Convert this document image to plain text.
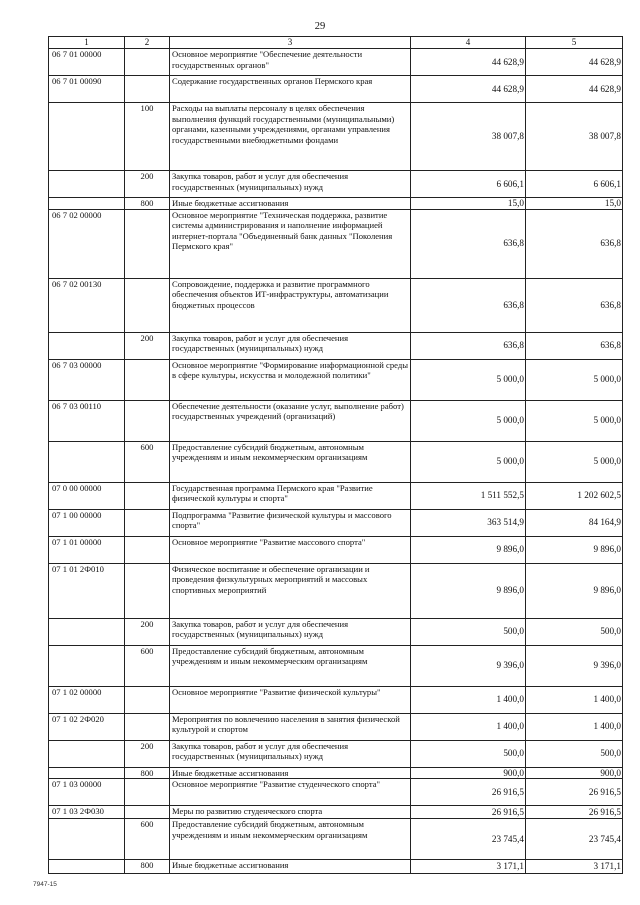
29
1	2	3	4	5
06 7 01 00000		Основное мероприятие "Обеспечение деятельности государственных органов"	44 628,9	44 628,9
06 7 01 00090		Содержание государственных органов Пермского края	44 628,9	44 628,9
	100	Расходы на выплаты персоналу в целях обеспечения выполнения функций государственными (муниципальными) органами, казенными учреждениями, органами управления государственными внебюджетными фондами	38 007,8	38 007,8
	200	Закупка товаров, работ и услуг для обеспечения государственных (муниципальных) нужд	6 606,1	6 606,1
	800	Иные бюджетные ассигнования	15,0	15,0
06 7 02 00000		Основное мероприятие "Техническая поддержка, развитие системы администрирования и наполнение информацией интернет-портала "Объединенный банк данных "Поколения Пермского края"	636,8	636,8
06 7 02 00130		Сопровождение, поддержка и развитие программного обеспечения объектов ИТ-инфраструктуры, автоматизации бюджетных процессов	636,8	636,8
	200	Закупка товаров, работ и услуг для обеспечения государственных (муниципальных) нужд	636,8	636,8
06 7 03 00000		Основное мероприятие "Формирование информационной среды в сфере культуры, искусства и молодежной политики"	5 000,0	5 000,0
06 7 03 00110		Обеспечение деятельности (оказание услуг, выполнение работ) государственных учреждений (организаций)	5 000,0	5 000,0
	600	Предоставление субсидий бюджетным, автономным учреждениям и иным некоммерческим организациям	5 000,0	5 000,0
07 0 00 00000		Государственная программа Пермского края "Развитие физической культуры и спорта"	1 511 552,5	1 202 602,5
07 1 00 00000		Подпрограмма "Развитие физической культуры и массового спорта"	363 514,9	84 164,9
07 1 01 00000		Основное мероприятие "Развитие массового спорта"	9 896,0	9 896,0
07 1 01 2Ф010		Физическое воспитание и обеспечение организации и проведения физкультурных мероприятий и массовых спортивных мероприятий	9 896,0	9 896,0
	200	Закупка товаров, работ и услуг для обеспечения государственных (муниципальных) нужд	500,0	500,0
	600	Предоставление субсидий бюджетным, автономным учреждениям и иным некоммерческим организациям	9 396,0	9 396,0
07 1 02 00000		Основное мероприятие "Развитие физической культуры"	1 400,0	1 400,0
07 1 02 2Ф020		Мероприятия по вовлечению населения в занятия физической культурой и спортом	1 400,0	1 400,0
	200	Закупка товаров, работ и услуг для обеспечения государственных (муниципальных) нужд	500,0	500,0
	800	Иные бюджетные ассигнования	900,0	900,0
07 1 03 00000		Основное мероприятие "Развитие студенческого спорта"	26 916,5	26 916,5
07 1 03 2Ф030		Меры по развитию студенческого спорта	26 916,5	26 916,5
	600	Предоставление субсидий бюджетным, автономным учреждениям и иным некоммерческим организациям	23 745,4	23 745,4
	800	Иные бюджетные ассигнования	3 171,1	3 171,1
7947-15
